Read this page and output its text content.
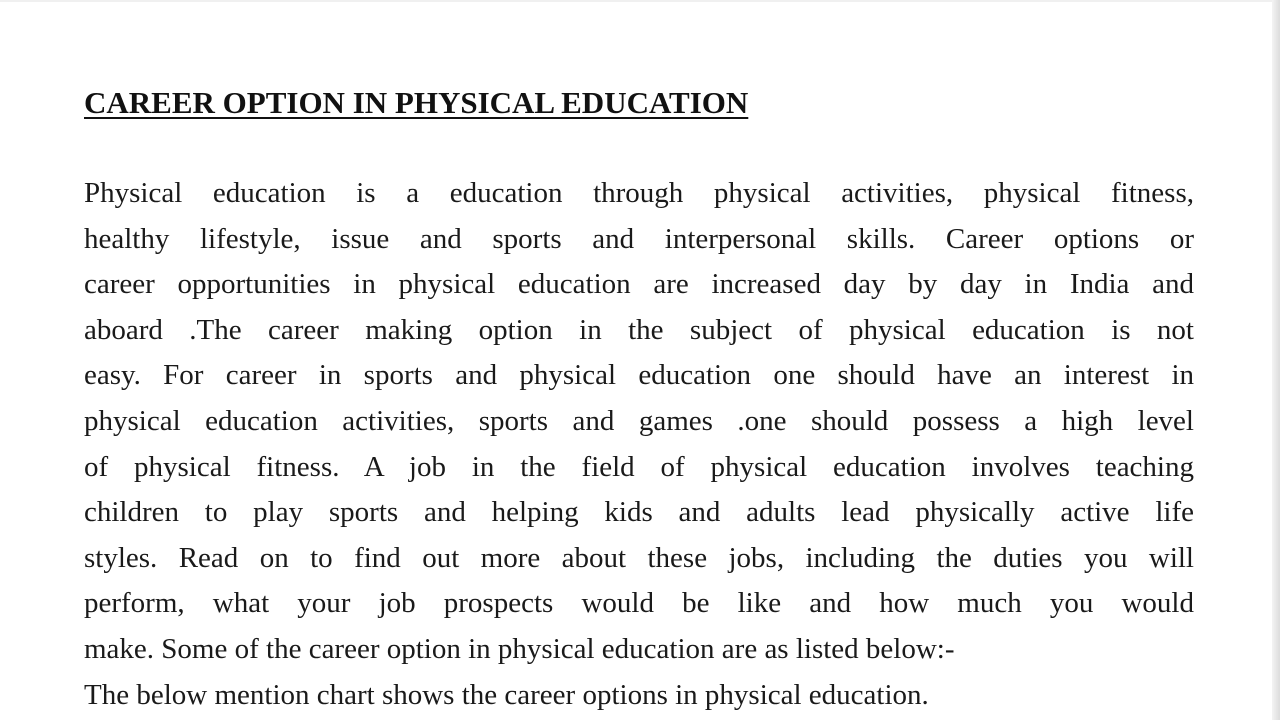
CAREER OPTION IN PHYSICAL EDUCATION
Physical education is a education through physical activities, physical fitness,
healthy lifestyle, issue and sports and interpersonal skills. Career options or
career opportunities in physical education are increased day by day in India and
aboard .The career making option in the subject of physical education is not
easy. For career in sports and physical education one should have an interest in
physical education activities, sports and games .one should possess a high level
of physical fitness. A job in the field of physical education involves teaching
children to play sports and helping kids and adults lead physically active life
styles. Read on to find out more about these jobs, including the duties you will
perform, what your job prospects would be like and how much you would
make. Some of the career option in physical education are as listed below:-
The below mention chart shows the career options in physical education.
